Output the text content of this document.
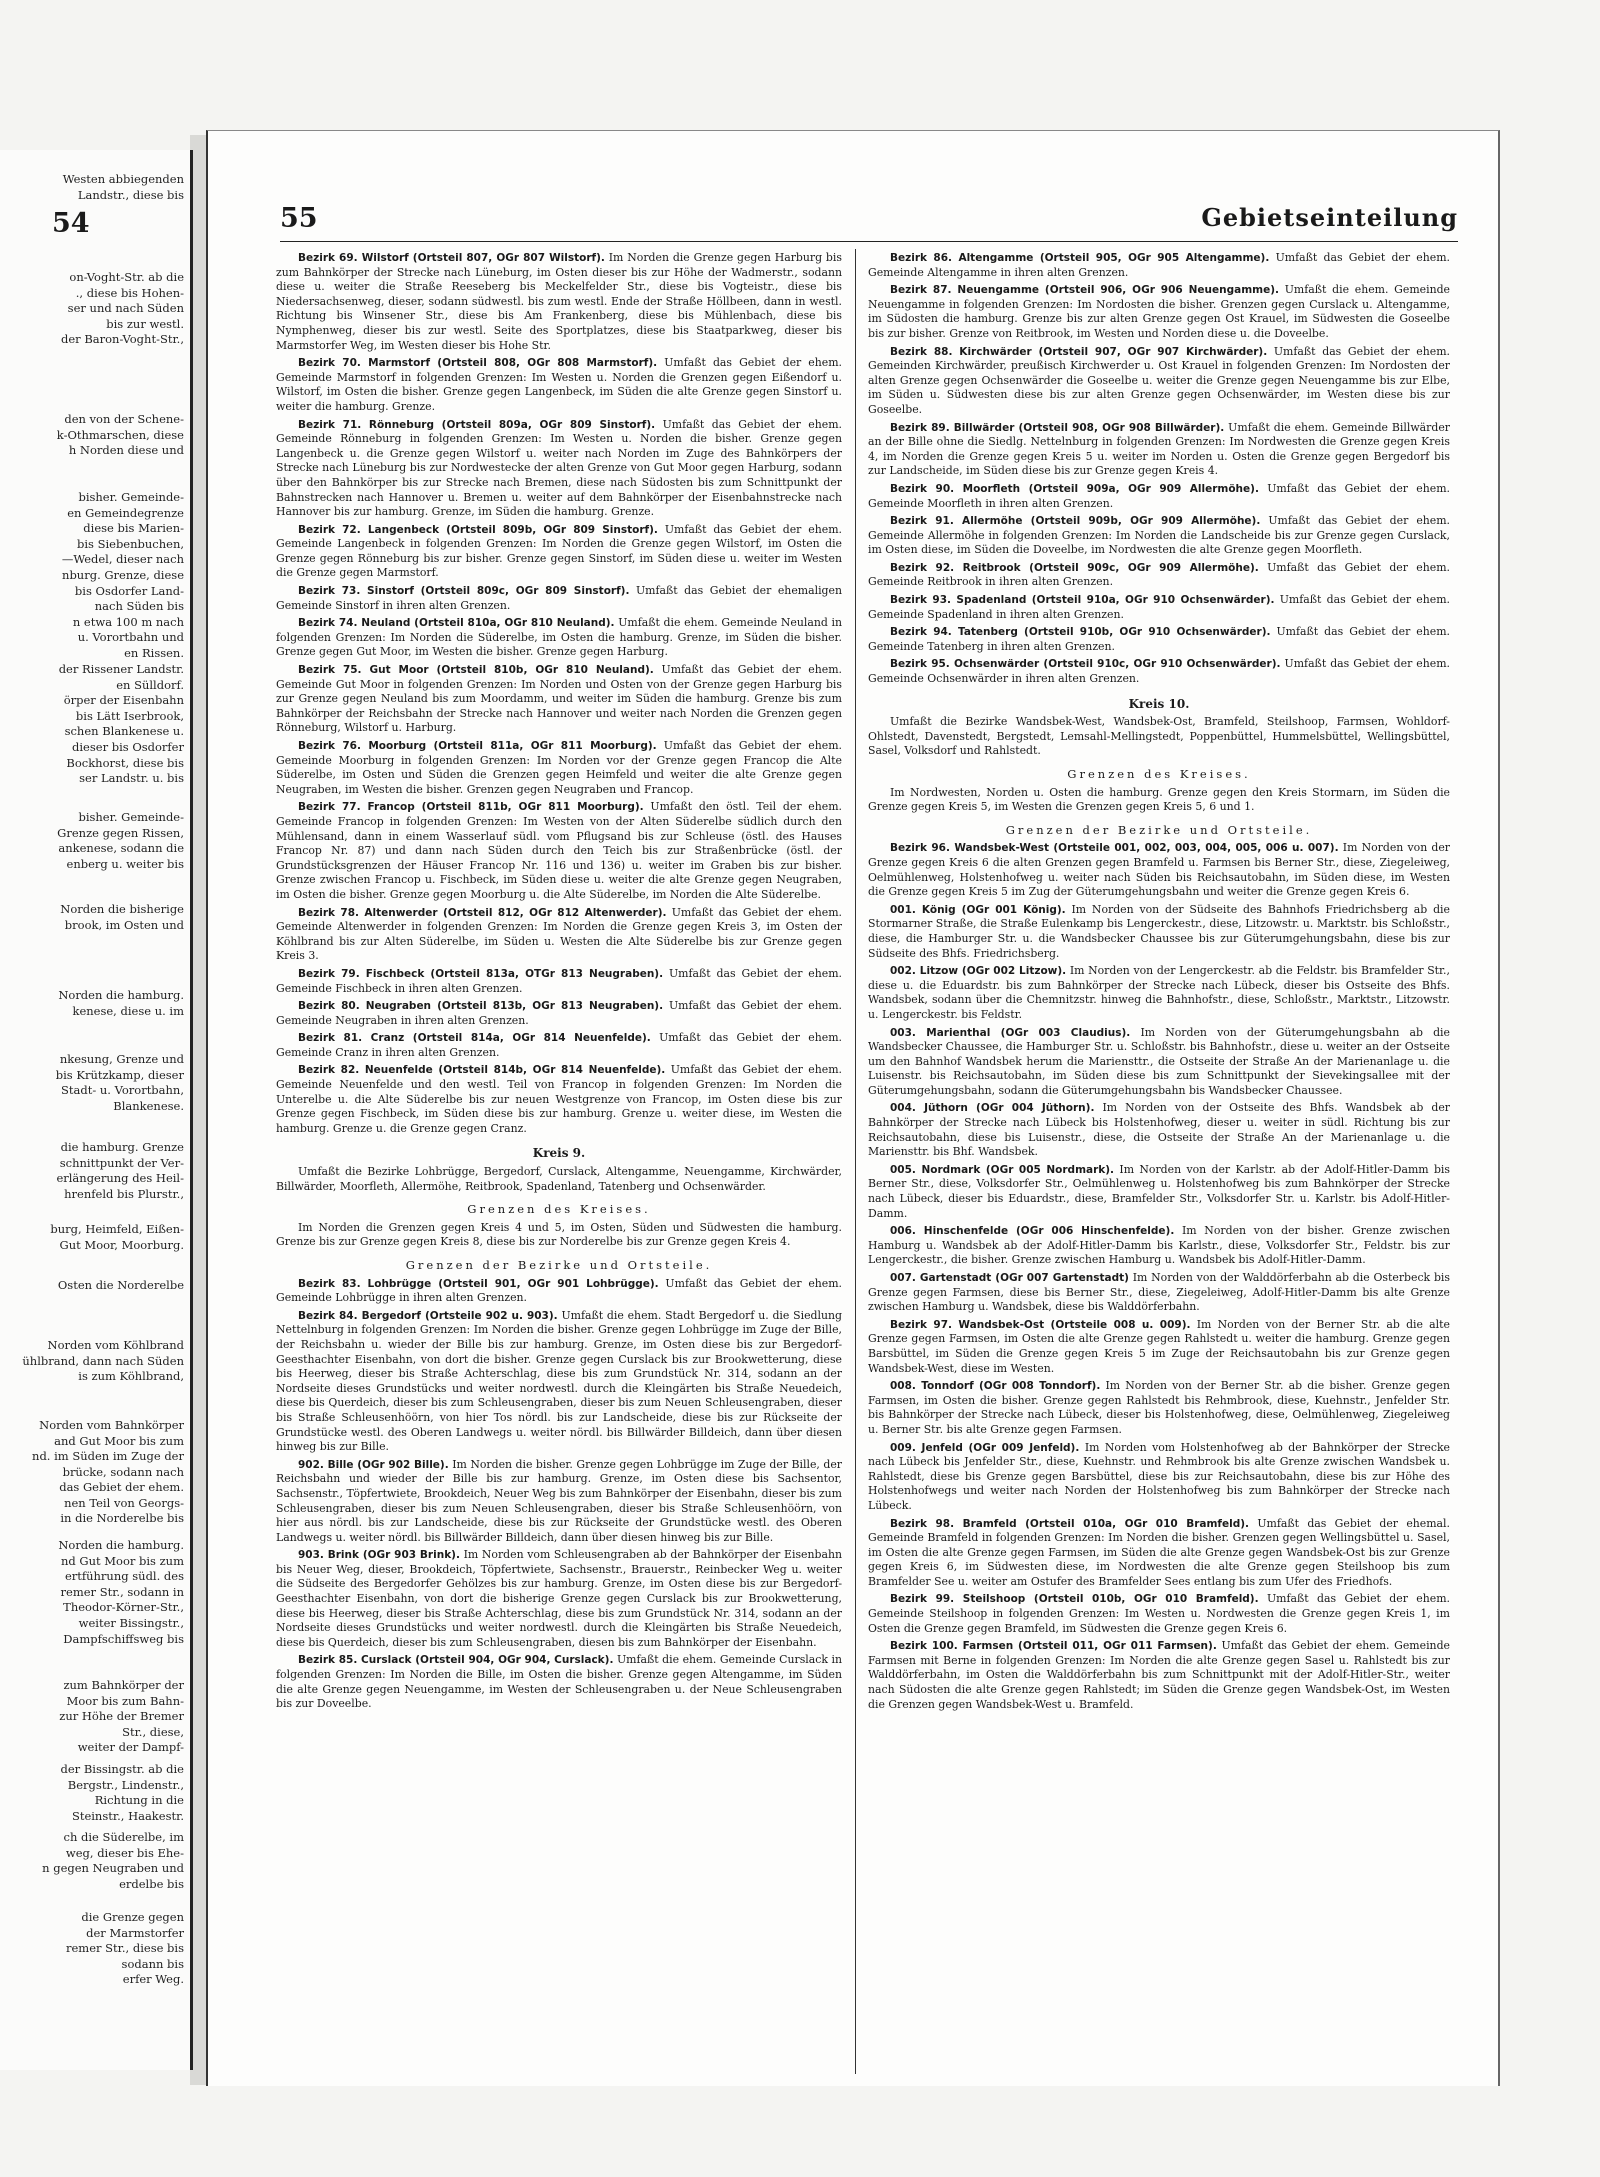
54
Westen abbiegenden
Landstr., diese bis
on-Voght-Str. ab die
., diese bis Hohen-
ser und nach Süden
bis zur westl.
der Baron-Voght-Str.,
den von der Schene-
k-Othmarschen, diese
h Norden diese und
bisher. Gemeinde-
en Gemeindegrenze
diese bis Marien-
bis Siebenbuchen,
—Wedel, dieser nach
nburg. Grenze, diese
bis Osdorfer Land-
nach Süden bis
n etwa 100 m nach
u. Vorortbahn und
en Rissen.
der Rissener Landstr.
en Sülldorf.
örper der Eisenbahn
bis Lätt Iserbrook,
schen Blankenese u.
dieser bis Osdorfer
Bockhorst, diese bis
ser Landstr. u. bis
bisher. Gemeinde-
Grenze gegen Rissen,
ankenese, sodann die
enberg u. weiter bis
Norden die bisherige
brook, im Osten und
Norden die hamburg.
kenese, diese u. im
nkesung, Grenze und
bis Krützkamp, dieser
Stadt- u. Vorortbahn,
Blankenese.
die hamburg. Grenze
schnittpunkt der Ver-
erlängerung des Heil-
hrenfeld bis Plurstr.,
burg, Heimfeld, Eißen-
Gut Moor, Moorburg.
Osten die Norderelbe
Norden vom Köhlbrand
ühlbrand, dann nach Süden
is zum Köhlbrand,
Norden vom Bahnkörper
and Gut Moor bis zum
nd. im Süden im Zuge der
brücke, sodann nach
das Gebiet der ehem.
nen Teil von Georgs-
in die Norderelbe bis
Norden die hamburg.
nd Gut Moor bis zum
ertführung südl. des
remer Str., sodann in
Theodor-Körner-Str.,
weiter Bissingstr.,
Dampfschiffsweg bis
zum Bahnkörper der
Moor bis zum Bahn-
zur Höhe der Bremer
Str., diese,
weiter der Dampf-
der Bissingstr. ab die
Bergstr., Lindenstr.,
Richtung in die
Steinstr., Haakestr.
ch die Süderelbe, im
weg, dieser bis Ehe-
n gegen Neugraben und
erdelbe bis
die Grenze gegen
der Marmstorfer
remer Str., diese bis
sodann bis
erfer Weg.
55	Gebietseinteilung

Bezirk 69. Wilstorf (Ortsteil 807, OGr 807 Wilstorf). Im Norden die Grenze gegen Harburg bis zum Bahnkörper der Strecke nach Lüneburg, im Osten dieser bis zur Höhe der Wadmerstr., sodann diese u. weiter die Straße Reeseberg bis Meckelfelder Str., diese bis Vogteistr., diese bis Niedersachsenweg, dieser, sodann südwestl. bis zum westl. Ende der Straße Höllbeen, dann in westl. Richtung bis Winsener Str., diese bis Am Frankenberg, diese bis Mühlenbach, diese bis Nymphenweg, dieser bis zur westl. Seite des Sportplatzes, diese bis Staatparkweg, dieser bis Marmstorfer Weg, im Westen dieser bis Hohe Str.

Bezirk 70. Marmstorf (Ortsteil 808, OGr 808 Marmstorf). Umfaßt das Gebiet der ehem. Gemeinde Marmstorf in folgenden Grenzen: Im Westen u. Norden die Grenzen gegen Eißendorf u. Wilstorf, im Osten die bisher. Grenze gegen Langenbeck, im Süden die alte Grenze gegen Sinstorf u. weiter die hamburg. Grenze.

Bezirk 71. Rönneburg (Ortsteil 809a, OGr 809 Sinstorf). Umfaßt das Gebiet der ehem. Gemeinde Rönneburg in folgenden Grenzen: Im Westen u. Norden die bisher. Grenze gegen Langenbeck u. die Grenze gegen Wilstorf u. weiter nach Norden im Zuge des Bahnkörpers der Strecke nach Lüneburg bis zur Nordwestecke der alten Grenze von Gut Moor gegen Harburg, sodann über den Bahnkörper bis zur Strecke nach Bremen, diese nach Südosten bis zum Schnittpunkt der Bahnstrecken nach Hannover u. Bremen u. weiter auf dem Bahnkörper der Eisenbahnstrecke nach Hannover bis zur hamburg. Grenze, im Süden die hamburg. Grenze.

Bezirk 72. Langenbeck (Ortsteil 809b, OGr 809 Sinstorf). Umfaßt das Gebiet der ehem. Gemeinde Langenbeck in folgenden Grenzen: Im Norden die Grenze gegen Wilstorf, im Osten die Grenze gegen Rönneburg bis zur bisher. Grenze gegen Sinstorf, im Süden diese u. weiter im Westen die Grenze gegen Marmstorf.

Bezirk 73. Sinstorf (Ortsteil 809c, OGr 809 Sinstorf). Umfaßt das Gebiet der ehemaligen Gemeinde Sinstorf in ihren alten Grenzen.

Bezirk 74. Neuland (Ortsteil 810a, OGr 810 Neuland). Umfaßt die ehem. Gemeinde Neuland in folgenden Grenzen: Im Norden die Süderelbe, im Osten die hamburg. Grenze, im Süden die bisher. Grenze gegen Gut Moor, im Westen die bisher. Grenze gegen Harburg.

Bezirk 75. Gut Moor (Ortsteil 810b, OGr 810 Neuland). Umfaßt das Gebiet der ehem. Gemeinde Gut Moor in folgenden Grenzen: Im Norden und Osten von der Grenze gegen Harburg bis zur Grenze gegen Neuland bis zum Moordamm, und weiter im Süden die hamburg. Grenze bis zum Bahnkörper der Reichsbahn der Strecke nach Hannover und weiter nach Norden die Grenzen gegen Rönneburg, Wilstorf u. Harburg.

Bezirk 76. Moorburg (Ortsteil 811a, OGr 811 Moorburg). Umfaßt das Gebiet der ehem. Gemeinde Moorburg in folgenden Grenzen: Im Norden vor der Grenze gegen Francop die Alte Süderelbe, im Osten und Süden die Grenzen gegen Heimfeld und weiter die alte Grenze gegen Neugraben, im Westen die bisher. Grenzen gegen Neugraben und Francop.

Bezirk 77. Francop (Ortsteil 811b, OGr 811 Moorburg). Umfaßt den östl. Teil der ehem. Gemeinde Francop in folgenden Grenzen: Im Westen von der Alten Süderelbe südlich durch den Mühlensand, dann in einem Wasserlauf südl. vom Pflugsand bis zur Schleuse (östl. des Hauses Francop Nr. 87) und dann nach Süden durch den Teich bis zur Straßenbrücke (östl. der Grundstücksgrenzen der Häuser Francop Nr. 116 und 136) u. weiter im Graben bis zur bisher. Grenze zwischen Francop u. Fischbeck, im Süden diese u. weiter die alte Grenze gegen Neugraben, im Osten die bisher. Grenze gegen Moorburg u. die Alte Süderelbe, im Norden die Alte Süderelbe.

Bezirk 78. Altenwerder (Ortsteil 812, OGr 812 Altenwerder). Umfaßt das Gebiet der ehem. Gemeinde Altenwerder in folgenden Grenzen: Im Norden die Grenze gegen Kreis 3, im Osten der Köhlbrand bis zur Alten Süderelbe, im Süden u. Westen die Alte Süderelbe bis zur Grenze gegen Kreis 3.

Bezirk 79. Fischbeck (Ortsteil 813a, OTGr 813 Neugraben). Umfaßt das Gebiet der ehem. Gemeinde Fischbeck in ihren alten Grenzen.

Bezirk 80. Neugraben (Ortsteil 813b, OGr 813 Neugraben). Umfaßt das Gebiet der ehem. Gemeinde Neugraben in ihren alten Grenzen.

Bezirk 81. Cranz (Ortsteil 814a, OGr 814 Neuenfelde). Umfaßt das Gebiet der ehem. Gemeinde Cranz in ihren alten Grenzen.

Bezirk 82. Neuenfelde (Ortsteil 814b, OGr 814 Neuenfelde). Umfaßt das Gebiet der ehem. Gemeinde Neuenfelde und den westl. Teil von Francop in folgenden Grenzen: Im Norden die Unterelbe u. die Alte Süderelbe bis zur neuen Westgrenze von Francop, im Osten diese bis zur Grenze gegen Fischbeck, im Süden diese bis zur hamburg. Grenze u. weiter diese, im Westen die hamburg. Grenze u. die Grenze gegen Cranz.

Kreis 9.

Umfaßt die Bezirke Lohbrügge, Bergedorf, Curslack, Altengamme, Neuengamme, Kirchwärder, Billwärder, Moorfleth, Allermöhe, Reitbrook, Spadenland, Tatenberg und Ochsenwärder.

Grenzen des Kreises.

Im Norden die Grenzen gegen Kreis 4 und 5, im Osten, Süden und Südwesten die hamburg. Grenze bis zur Grenze gegen Kreis 8, diese bis zur Norderelbe bis zur Grenze gegen Kreis 4.

Grenzen der Bezirke und Ortsteile.

Bezirk 83. Lohbrügge (Ortsteil 901, OGr 901 Lohbrügge). Umfaßt das Gebiet der ehem. Gemeinde Lohbrügge in ihren alten Grenzen.

Bezirk 84. Bergedorf (Ortsteile 902 u. 903). Umfaßt die ehem. Stadt Bergedorf u. die Siedlung Nettelnburg in folgenden Grenzen: Im Norden die bisher. Grenze gegen Lohbrügge im Zuge der Bille, der Reichsbahn u. wieder der Bille bis zur hamburg. Grenze, im Osten diese bis zur Bergedorf-Geesthachter Eisenbahn, von dort die bisher. Grenze gegen Curslack bis zur Brookwetterung, diese bis Heerweg, dieser bis Straße Achterschlag, diese bis zum Grundstück Nr. 314, sodann an der Nordseite dieses Grundstücks und weiter nordwestl. durch die Kleingärten bis Straße Neuedeich, diese bis Querdeich, dieser bis zum Schleusengraben, dieser bis zum Neuen Schleusengraben, dieser bis Straße Schleusenhöörn, von hier Tos nördl. bis zur Landscheide, diese bis zur Rückseite der Grundstücke westl. des Oberen Landwegs u. weiter nördl. bis Billwärder Billdeich, dann über diesen hinweg bis zur Bille.

902. Bille (OGr 902 Bille). Im Norden die bisher. Grenze gegen Lohbrügge im Zuge der Bille, der Reichsbahn und wieder der Bille bis zur hamburg. Grenze, im Osten diese bis Sachsentor, Sachsenstr., Töpfertwiete, Brookdeich, Neuer Weg bis zum Bahnkörper der Eisenbahn, dieser bis zum Schleusengraben, dieser bis zum Neuen Schleusengraben, dieser bis Straße Schleusenhöörn, von hier aus nördl. bis zur Landscheide, diese bis zur Rückseite der Grundstücke westl. des Oberen Landwegs u. weiter nördl. bis Billwärder Billdeich, dann über diesen hinweg bis zur Bille.

903. Brink (OGr 903 Brink). Im Norden vom Schleusengraben ab der Bahnkörper der Eisenbahn bis Neuer Weg, dieser, Brookdeich, Töpfertwiete, Sachsenstr., Brauerstr., Reinbecker Weg u. weiter die Südseite des Bergedorfer Gehölzes bis zur hamburg. Grenze, im Osten diese bis zur Bergedorf-Geesthachter Eisenbahn, von dort die bisherige Grenze gegen Curslack bis zur Brookwetterung, diese bis Heerweg, dieser bis Straße Achterschlag, diese bis zum Grundstück Nr. 314, sodann an der Nordseite dieses Grundstücks und weiter nordwestl. durch die Kleingärten bis Straße Neuedeich, diese bis Querdeich, dieser bis zum Schleusengraben, diesen bis zum Bahnkörper der Eisenbahn.

Bezirk 85. Curslack (Ortsteil 904, OGr 904, Curslack). Umfaßt die ehem. Gemeinde Curslack in folgenden Grenzen: Im Norden die Bille, im Osten die bisher. Grenze gegen Altengamme, im Süden die alte Grenze gegen Neuengamme, im Westen der Schleusengraben u. der Neue Schleusengraben bis zur Doveelbe.

Bezirk 86. Altengamme (Ortsteil 905, OGr 905 Altengamme). Umfaßt das Gebiet der ehem. Gemeinde Altengamme in ihren alten Grenzen.

Bezirk 87. Neuengamme (Ortsteil 906, OGr 906 Neuengamme). Umfaßt die ehem. Gemeinde Neuengamme in folgenden Grenzen: Im Nordosten die bisher. Grenzen gegen Curslack u. Altengamme, im Südosten die hamburg. Grenze bis zur alten Grenze gegen Ost Krauel, im Südwesten die Goseelbe bis zur bisher. Grenze von Reitbrook, im Westen und Norden diese u. die Doveelbe.

Bezirk 88. Kirchwärder (Ortsteil 907, OGr 907 Kirchwärder). Umfaßt das Gebiet der ehem. Gemeinden Kirchwärder, preußisch Kirchwerder u. Ost Krauel in folgenden Grenzen: Im Nordosten der alten Grenze gegen Ochsenwärder die Goseelbe u. weiter die Grenze gegen Neuengamme bis zur Elbe, im Süden u. Südwesten diese bis zur alten Grenze gegen Ochsenwärder, im Westen diese bis zur Goseelbe.

Bezirk 89. Billwärder (Ortsteil 908, OGr 908 Billwärder). Umfaßt die ehem. Gemeinde Billwärder an der Bille ohne die Siedlg. Nettelnburg in folgenden Grenzen: Im Nordwesten die Grenze gegen Kreis 4, im Norden die Grenze gegen Kreis 5 u. weiter im Norden u. Osten die Grenze gegen Bergedorf bis zur Landscheide, im Süden diese bis zur Grenze gegen Kreis 4.

Bezirk 90. Moorfleth (Ortsteil 909a, OGr 909 Allermöhe). Umfaßt das Gebiet der ehem. Gemeinde Moorfleth in ihren alten Grenzen.

Bezirk 91. Allermöhe (Ortsteil 909b, OGr 909 Allermöhe). Umfaßt das Gebiet der ehem. Gemeinde Allermöhe in folgenden Grenzen: Im Norden die Landscheide bis zur Grenze gegen Curslack, im Osten diese, im Süden die Doveelbe, im Nordwesten die alte Grenze gegen Moorfleth.

Bezirk 92. Reitbrook (Ortsteil 909c, OGr 909 Allermöhe). Umfaßt das Gebiet der ehem. Gemeinde Reitbrook in ihren alten Grenzen.

Bezirk 93. Spadenland (Ortsteil 910a, OGr 910 Ochsenwärder). Umfaßt das Gebiet der ehem. Gemeinde Spadenland in ihren alten Grenzen.

Bezirk 94. Tatenberg (Ortsteil 910b, OGr 910 Ochsenwärder). Umfaßt das Gebiet der ehem. Gemeinde Tatenberg in ihren alten Grenzen.

Bezirk 95. Ochsenwärder (Ortsteil 910c, OGr 910 Ochsenwärder). Umfaßt das Gebiet der ehem. Gemeinde Ochsenwärder in ihren alten Grenzen.

Kreis 10.

Umfaßt die Bezirke Wandsbek-West, Wandsbek-Ost, Bramfeld, Steilshoop, Farmsen, Wohldorf-Ohlstedt, Davenstedt, Bergstedt, Lemsahl-Mellingstedt, Poppenbüttel, Hummelsbüttel, Wellingsbüttel, Sasel, Volksdorf und Rahlstedt.

Grenzen des Kreises.

Im Nordwesten, Norden u. Osten die hamburg. Grenze gegen den Kreis Stormarn, im Süden die Grenze gegen Kreis 5, im Westen die Grenzen gegen Kreis 5, 6 und 1.

Grenzen der Bezirke und Ortsteile.

Bezirk 96. Wandsbek-West (Ortsteile 001, 002, 003, 004, 005, 006 u. 007). Im Norden von der Grenze gegen Kreis 6 die alten Grenzen gegen Bramfeld u. Farmsen bis Berner Str., diese, Ziegeleiweg, Oelmühlenweg, Holstenhofweg u. weiter nach Süden bis Reichsautobahn, im Süden diese, im Westen die Grenze gegen Kreis 5 im Zug der Güterumgehungsbahn und weiter die Grenze gegen Kreis 6.

001. König (OGr 001 König). Im Norden von der Südseite des Bahnhofs Friedrichsberg ab die Stormarner Straße, die Straße Eulenkamp bis Lengerckestr., diese, Litzowstr. u. Marktstr. bis Schloßstr., diese, die Hamburger Str. u. die Wandsbecker Chaussee bis zur Güterumgehungsbahn, diese bis zur Südseite des Bhfs. Friedrichsberg.

002. Litzow (OGr 002 Litzow). Im Norden von der Lengerckestr. ab die Feldstr. bis Bramfelder Str., diese u. die Eduardstr. bis zum Bahnkörper der Strecke nach Lübeck, dieser bis Ostseite des Bhfs. Wandsbek, sodann über die Chemnitzstr. hinweg die Bahnhofstr., diese, Schloßstr., Marktstr., Litzowstr. u. Lengerckestr. bis Feldstr.

003. Marienthal (OGr 003 Claudius). Im Norden von der Güterumgehungsbahn ab die Wandsbecker Chaussee, die Hamburger Str. u. Schloßstr. bis Bahnhofstr., diese u. weiter an der Ostseite um den Bahnhof Wandsbek herum die Mariensttr., die Ostseite der Straße An der Marienanlage u. die Luisenstr. bis Reichsautobahn, im Süden diese bis zum Schnittpunkt der Sievekingsallee mit der Güterumgehungsbahn, sodann die Güterumgehungsbahn bis Wandsbecker Chaussee.

004. Jüthorn (OGr 004 Jüthorn). Im Norden von der Ostseite des Bhfs. Wandsbek ab der Bahnkörper der Strecke nach Lübeck bis Holstenhofweg, dieser u. weiter in südl. Richtung bis zur Reichsautobahn, diese bis Luisenstr., diese, die Ostseite der Straße An der Marienanlage u. die Mariensttr. bis Bhf. Wandsbek.

005. Nordmark (OGr 005 Nordmark). Im Norden von der Karlstr. ab der Adolf-Hitler-Damm bis Berner Str., diese, Volksdorfer Str., Oelmühlenweg u. Holstenhofweg bis zum Bahnkörper der Strecke nach Lübeck, dieser bis Eduardstr., diese, Bramfelder Str., Volksdorfer Str. u. Karlstr. bis Adolf-Hitler-Damm.

006. Hinschenfelde (OGr 006 Hinschenfelde). Im Norden von der bisher. Grenze zwischen Hamburg u. Wandsbek ab der Adolf-Hitler-Damm bis Karlstr., diese, Volksdorfer Str., Feldstr. bis zur Lengerckestr., die bisher. Grenze zwischen Hamburg u. Wandsbek bis Adolf-Hitler-Damm.

007. Gartenstadt (OGr 007 Gartenstadt) Im Norden von der Walddörferbahn ab die Osterbeck bis Grenze gegen Farmsen, diese bis Berner Str., diese, Ziegeleiweg, Adolf-Hitler-Damm bis alte Grenze zwischen Hamburg u. Wandsbek, diese bis Walddörferbahn.

Bezirk 97. Wandsbek-Ost (Ortsteile 008 u. 009). Im Norden von der Berner Str. ab die alte Grenze gegen Farmsen, im Osten die alte Grenze gegen Rahlstedt u. weiter die hamburg. Grenze gegen Barsbüttel, im Süden die Grenze gegen Kreis 5 im Zuge der Reichsautobahn bis zur Grenze gegen Wandsbek-West, diese im Westen.

008. Tonndorf (OGr 008 Tonndorf). Im Norden von der Berner Str. ab die bisher. Grenze gegen Farmsen, im Osten die bisher. Grenze gegen Rahlstedt bis Rehmbrook, diese, Kuehnstr., Jenfelder Str. bis Bahnkörper der Strecke nach Lübeck, dieser bis Holstenhofweg, diese, Oelmühlenweg, Ziegeleiweg u. Berner Str. bis alte Grenze gegen Farmsen.

009. Jenfeld (OGr 009 Jenfeld). Im Norden vom Holstenhofweg ab der Bahnkörper der Strecke nach Lübeck bis Jenfelder Str., diese, Kuehnstr. und Rehmbrook bis alte Grenze zwischen Wandsbek u. Rahlstedt, diese bis Grenze gegen Barsbüttel, diese bis zur Reichsautobahn, diese bis zur Höhe des Holstenhofwegs und weiter nach Norden der Holstenhofweg bis zum Bahnkörper der Strecke nach Lübeck.

Bezirk 98. Bramfeld (Ortsteil 010a, OGr 010 Bramfeld). Umfaßt das Gebiet der ehemal. Gemeinde Bramfeld in folgenden Grenzen: Im Norden die bisher. Grenzen gegen Wellingsbüttel u. Sasel, im Osten die alte Grenze gegen Farmsen, im Süden die alte Grenze gegen Wandsbek-Ost bis zur Grenze gegen Kreis 6, im Südwesten diese, im Nordwesten die alte Grenze gegen Steilshoop bis zum Bramfelder See u. weiter am Ostufer des Bramfelder Sees entlang bis zum Ufer des Friedhofs.

Bezirk 99. Steilshoop (Ortsteil 010b, OGr 010 Bramfeld). Umfaßt das Gebiet der ehem. Gemeinde Steilshoop in folgenden Grenzen: Im Westen u. Nordwesten die Grenze gegen Kreis 1, im Osten die Grenze gegen Bramfeld, im Südwesten die Grenze gegen Kreis 6.

Bezirk 100. Farmsen (Ortsteil 011, OGr 011 Farmsen). Umfaßt das Gebiet der ehem. Gemeinde Farmsen mit Berne in folgenden Grenzen: Im Norden die alte Grenze gegen Sasel u. Rahlstedt bis zur Walddörferbahn, im Osten die Walddörferbahn bis zum Schnittpunkt mit der Adolf-Hitler-Str., weiter nach Südosten die alte Grenze gegen Rahlstedt; im Süden die Grenze gegen Wandsbek-Ost, im Westen die Grenzen gegen Wandsbek-West u. Bramfeld.
